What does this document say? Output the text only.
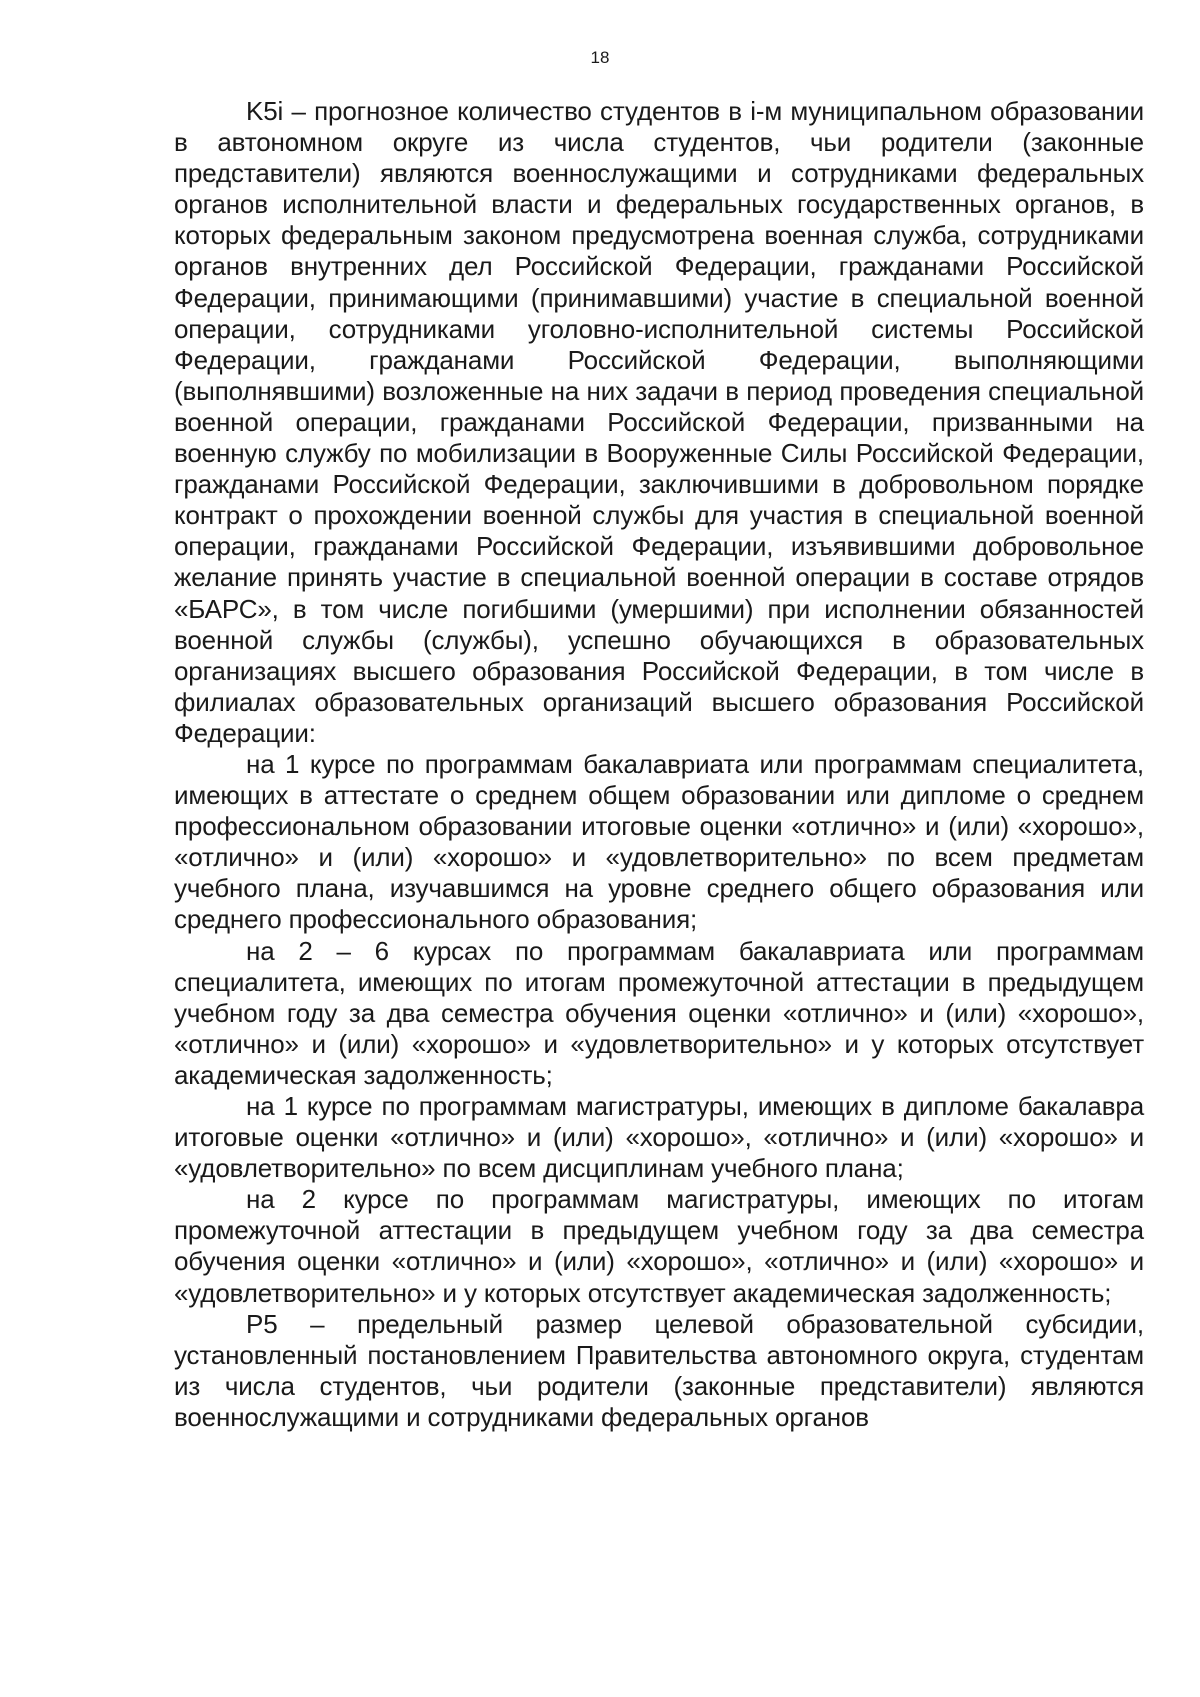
18

K5i – прогнозное количество студентов в i-м муниципальном образовании в автономном округе из числа студентов, чьи родители (законные представители) являются военнослужащими и сотрудниками федеральных органов исполнительной власти и федеральных государственных органов, в которых федеральным законом предусмотрена военная служба, сотрудниками органов внутренних дел Российской Федерации, гражданами Российской Федерации, принимающими (принимавшими) участие в специальной военной операции, сотрудниками уголовно-исполнительной системы Российской Федерации, гражданами Российской Федерации, выполняющими (выполнявшими) возложенные на них задачи в период проведения специальной военной операции, гражданами Российской Федерации, призванными на военную службу по мобилизации в Вооруженные Силы Российской Федерации, гражданами Российской Федерации, заключившими в добровольном порядке контракт о прохождении военной службы для участия в специальной военной операции, гражданами Российской Федерации, изъявившими добровольное желание принять участие в специальной военной операции в составе отрядов «БАРС», в том числе погибшими (умершими) при исполнении обязанностей военной службы (службы), успешно обучающихся в образовательных организациях высшего образования Российской Федерации, в том числе в филиалах образовательных организаций высшего образования Российской Федерации:

на 1 курсе по программам бакалавриата или программам специалитета, имеющих в аттестате о среднем общем образовании или дипломе о среднем профессиональном образовании итоговые оценки «отлично» и (или) «хорошо», «отлично» и (или) «хорошо» и «удовлетворительно» по всем предметам учебного плана, изучавшимся на уровне среднего общего образования или среднего профессионального образования;

на 2 – 6 курсах по программам бакалавриата или программам специалитета, имеющих по итогам промежуточной аттестации в предыдущем учебном году за два семестра обучения оценки «отлично» и (или) «хорошо», «отлично» и (или) «хорошо» и «удовлетворительно» и у которых отсутствует академическая задолженность;

на 1 курсе по программам магистратуры, имеющих в дипломе бакалавра итоговые оценки «отлично» и (или) «хорошо», «отлично» и (или) «хорошо» и «удовлетворительно» по всем дисциплинам учебного плана;

на 2 курсе по программам магистратуры, имеющих по итогам промежуточной аттестации в предыдущем учебном году за два семестра обучения оценки «отлично» и (или) «хорошо», «отлично» и (или) «хорошо» и «удовлетворительно» и у которых отсутствует академическая задолженность;

P5 – предельный размер целевой образовательной субсидии, установленный постановлением Правительства автономного округа, студентам из числа студентов, чьи родители (законные представители) являются военнослужащими и сотрудниками федеральных органов
